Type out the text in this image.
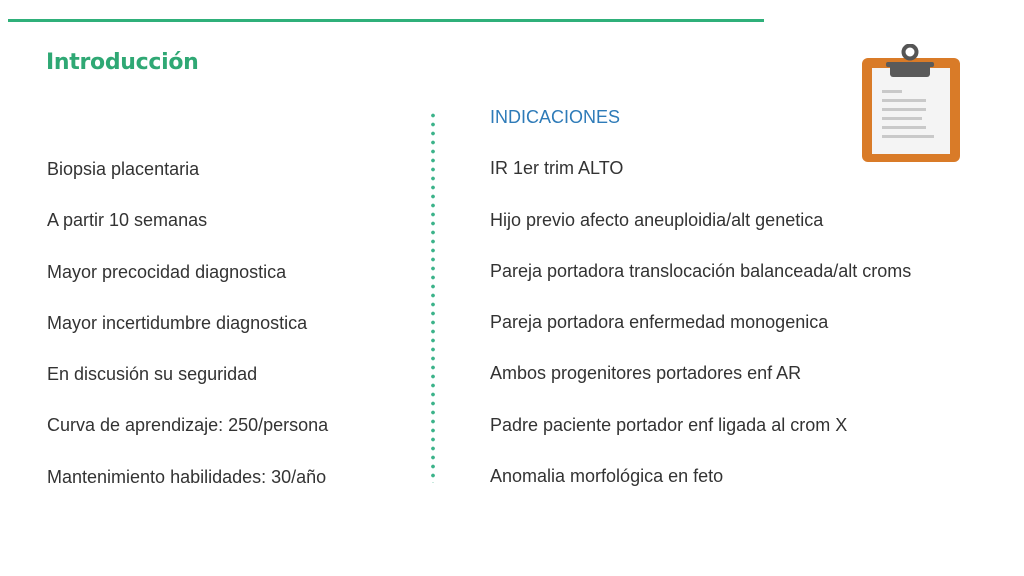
Introducción
Biopsia placentaria
A partir 10 semanas
Mayor precocidad diagnostica
Mayor incertidumbre diagnostica
En discusión su seguridad
Curva de aprendizaje: 250/persona
Mantenimiento habilidades: 30/año
INDICACIONES
IR 1er trim ALTO
Hijo previo afecto aneuploidia/alt genetica
Pareja portadora translocación balanceada/alt croms
Pareja portadora enfermedad monogenica
Ambos progenitores portadores enf AR
Padre paciente portador enf ligada al crom X
Anomalia morfológica en feto
